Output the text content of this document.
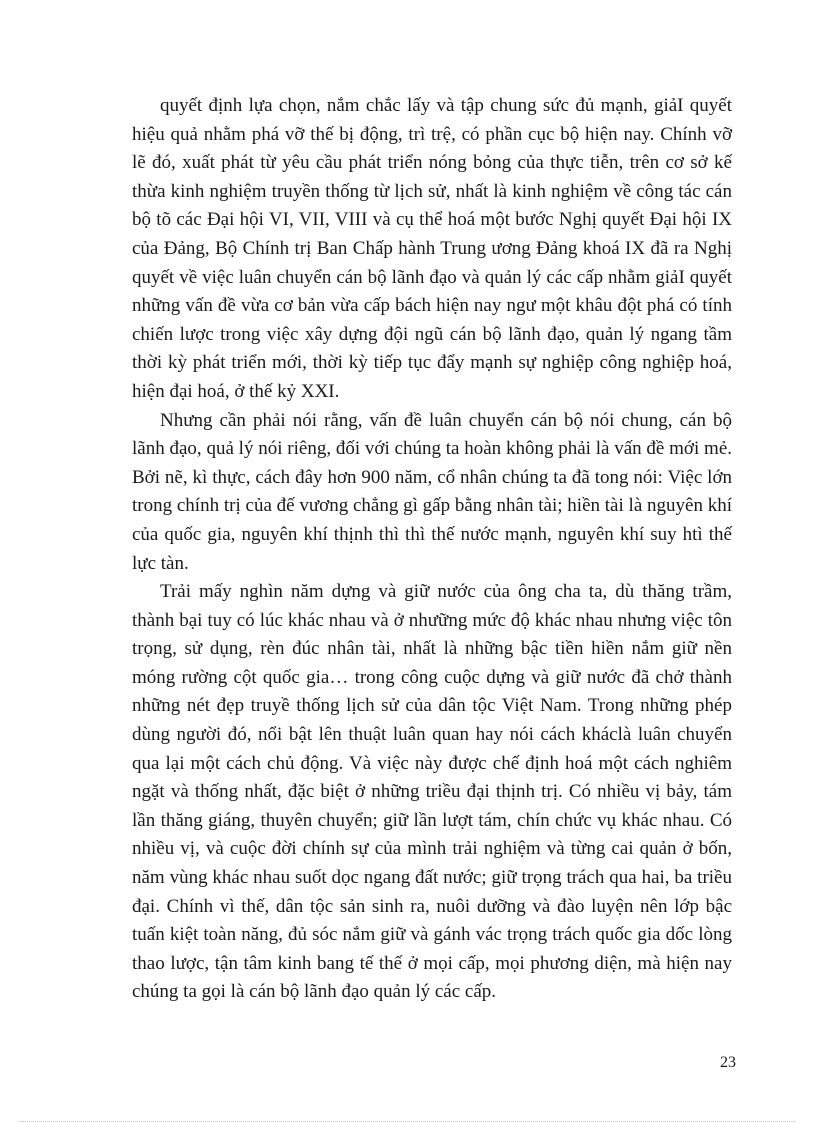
quyết định lựa chọn, nắm chắc lấy và tập chung sức đủ mạnh, giảI quyết hiệu quả nhằm phá vỡ thế bị động, trì trệ, có phần cục bộ hiện nay. Chính vỡ lẽ đó, xuất phát từ yêu cầu phát triển nóng bỏng của thực tiễn, trên cơ sở kế thừa kinh nghiệm truyền thống từ lịch sử, nhất là kinh nghiệm về công tác cán bộ tõ các Đại hội VI, VII, VIII và cụ thể hoá một bước Nghị quyết Đại hội IX của Đảng, Bộ Chính trị Ban Chấp hành Trung ương Đảng khoá IX đã ra Nghị quyết về việc luân chuyển cán bộ lãnh đạo và quản lý các cấp nhằm giảI quyết những vấn đề vừa cơ bản vừa cấp bách hiện nay ngư một khâu đột phá có tính chiến lược trong việc xây dựng đội ngũ cán bộ lãnh đạo, quản lý ngang tầm thời kỳ phát triển mới, thời kỳ tiếp tục đẩy mạnh sự nghiệp công nghiệp hoá, hiện đại hoá, ở thế kỷ XXI.

Nhưng cần phải nói rằng, vấn đề luân chuyển cán bộ nói chung, cán bộ lãnh đạo, quả lý nói riêng, đối với chúng ta hoàn không phải là vấn đề mới mẻ. Bởi nẽ, kì thực, cách đây hơn 900 năm, cổ nhân chúng ta đã tong nói: Việc lớn trong chính trị của đế vương chẳng gì gấp bằng nhân tài; hiền tài là nguyên khí của quốc gia, nguyên khí thịnh thì thì thế nước mạnh, nguyên khí suy htì thế lực tàn.

Trải mấy nghìn năm dựng và giữ nước của ông cha ta, dù thăng trầm, thành bại tuy có lúc khác nhau và ở nhưững mức độ khác nhau nhưng việc tôn trọng, sử dụng, rèn đúc nhân tài, nhất là những bậc tiền hiền nắm giữ nền móng rường cột quốc gia… trong công cuộc dựng và giữ nước đã chở thành những nét đẹp truyề thống lịch sử của dân tộc Việt Nam. Trong những phép dùng người đó, nổi bật lên thuật luân quan hay nói cách kháclà luân chuyển qua lại một cách chủ động. Và việc này được chế định hoá một cách nghiêm ngặt và thống nhất, đặc biệt ở những triều đại thịnh trị. Có nhiều vị bảy, tám lần thăng giáng, thuyên chuyển; giữ lần lượt tám, chín chức vụ khác nhau. Có nhiều vị, và cuộc đời chính sự của mình trải nghiệm và từng cai quản ở bốn, năm vùng khác nhau suốt dọc ngang đất nước; giữ trọng trách qua hai, ba triều đại. Chính vì thế, dân tộc sản sinh ra, nuôi dưỡng và đào luyện nên lớp bậc tuấn kiệt toàn năng, đủ sóc nắm giữ và gánh vác trọng trách quốc gia dốc lòng thao lược, tận tâm kinh bang tế thế ở mọi cấp, mọi phương diện, mà hiện nay chúng ta gọi là cán bộ lãnh đạo quản lý các cấp.

23
